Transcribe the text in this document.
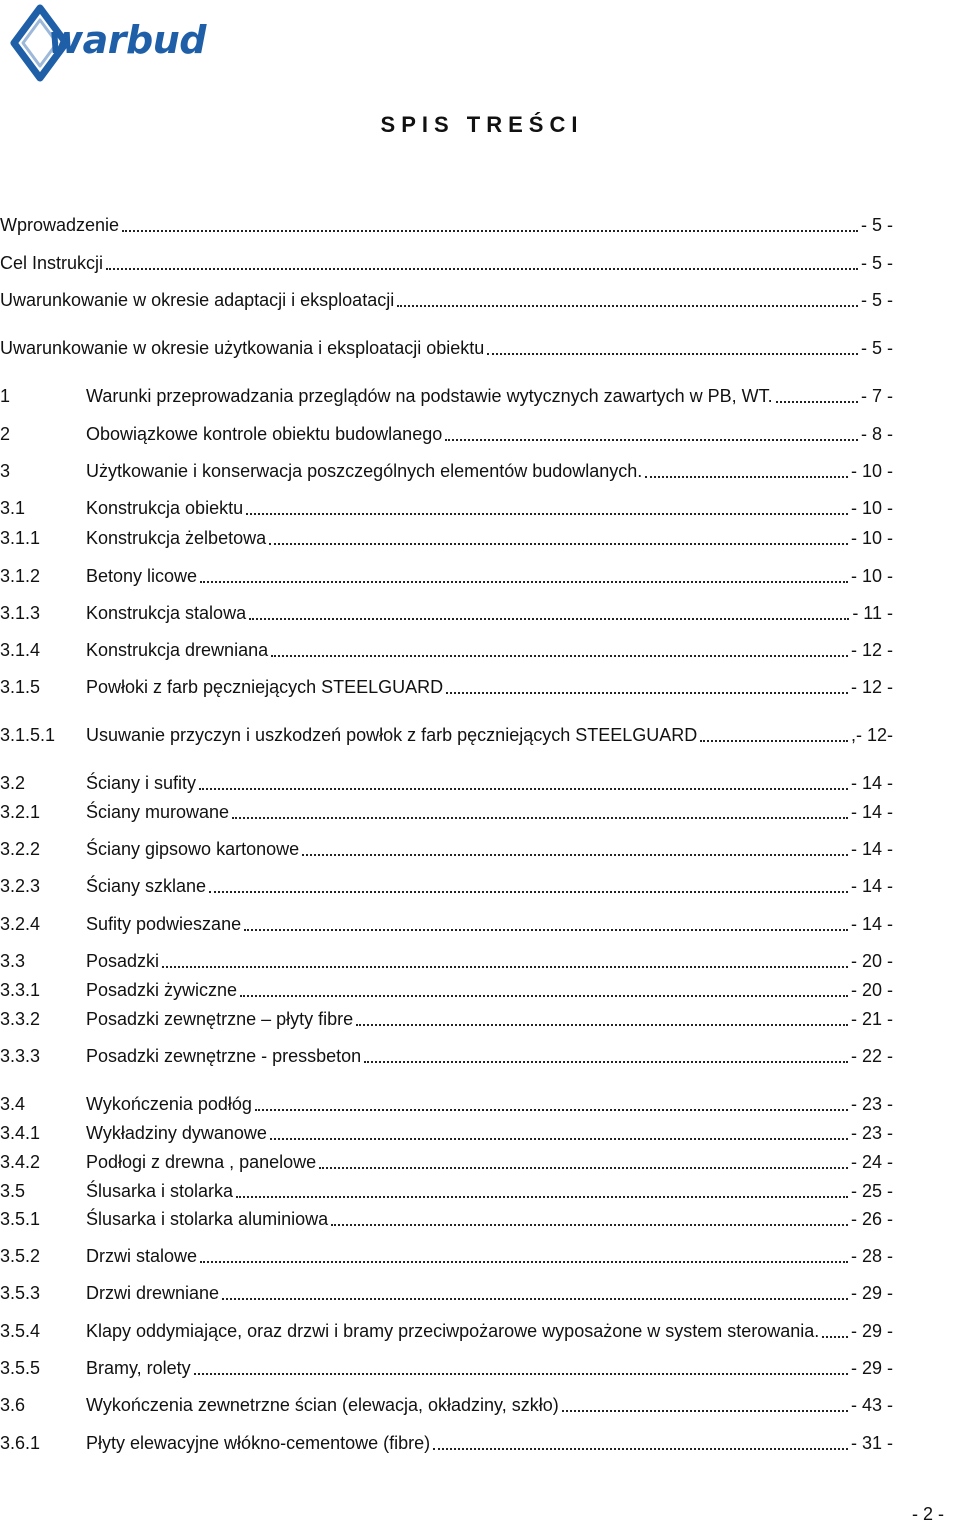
warbud
SPIS TREŚCI
Wprowadzenie	- 5 -
Cel Instrukcji	- 5 -
Uwarunkowanie w okresie adaptacji i eksploatacji	- 5 -
Uwarunkowanie w okresie użytkowania i eksploatacji obiektu	- 5 -
1	Warunki przeprowadzania przeglądów na podstawie wytycznych zawartych w PB, WT.	- 7 -
2	Obowiązkowe kontrole obiektu budowlanego	- 8 -
3	Użytkowanie i konserwacja poszczególnych elementów budowlanych.	- 10 -
3.1	Konstrukcja obiektu	- 10 -
3.1.1	Konstrukcja żelbetowa	- 10 -
3.1.2	Betony licowe	- 10 -
3.1.3	Konstrukcja stalowa	- 11 -
3.1.4	Konstrukcja drewniana	- 12 -
3.1.5	Powłoki z farb pęczniejących STEELGUARD	- 12 -
3.1.5.1	Usuwanie przyczyn i uszkodzeń powłok z farb pęczniejących STEELGUARD	,- 12-
3.2	Ściany i sufity	- 14 -
3.2.1	Ściany murowane	- 14 -
3.2.2	Ściany gipsowo kartonowe	- 14 -
3.2.3	Ściany szklane	- 14 -
3.2.4	Sufity podwieszane	- 14 -
3.3	Posadzki	- 20 -
3.3.1	Posadzki żywiczne	- 20 -
3.3.2	Posadzki zewnętrzne – płyty fibre	- 21 -
3.3.3	Posadzki zewnętrzne - pressbeton	- 22 -
3.4	Wykończenia podłóg	- 23 -
3.4.1	Wykładziny dywanowe	- 23 -
3.4.2	Podłogi z drewna , panelowe	- 24 -
3.5	Ślusarka i stolarka	- 25 -
3.5.1	Ślusarka i stolarka aluminiowa	- 26 -
3.5.2	Drzwi stalowe	- 28 -
3.5.3	Drzwi drewniane	- 29 -
3.5.4	Klapy oddymiające, oraz drzwi i bramy przeciwpożarowe wyposażone w system sterowania. - 29 -
3.5.5	Bramy, rolety	- 29 -
3.6	Wykończenia zewnetrzne ścian (elewacja, okładziny, szkło)	- 43 -
3.6.1	Płyty elewacyjne włókno-cementowe (fibre)	- 31 -
- 2 -
